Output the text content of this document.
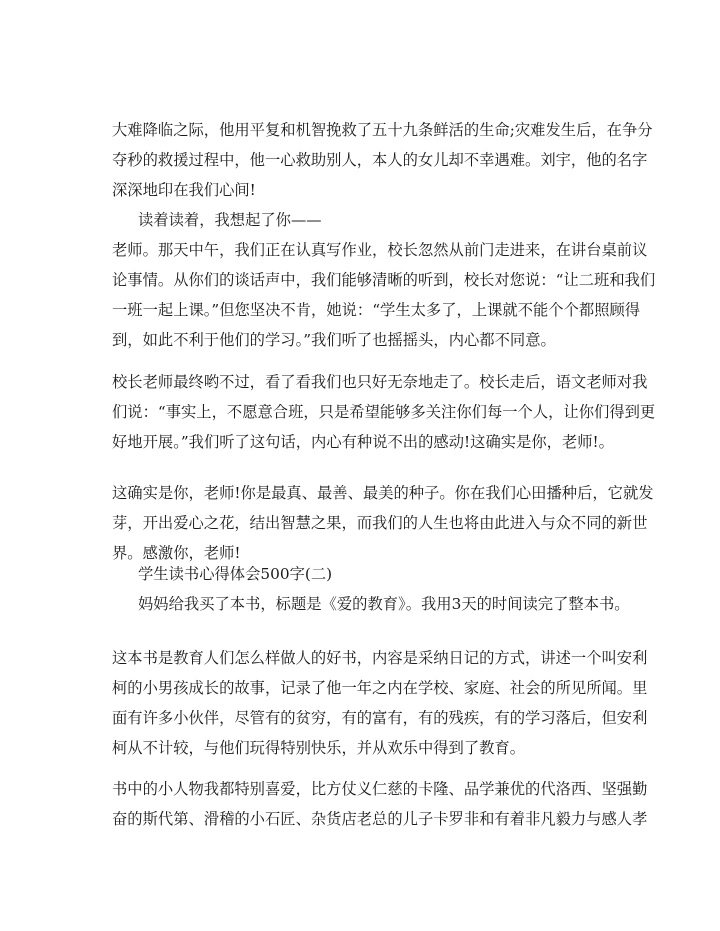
大难降临之际，他用平复和机智挽救了五十九条鲜活的生命;灾难发生后，在争分
夺秒的救援过程中，他一心救助别人，本人的女儿却不幸遇难。刘宇，他的名字
深深地印在我们心间!
读着读着，我想起了你——
老师。那天中午，我们正在认真写作业，校长忽然从前门走进来，在讲台桌前议
论事情。从你们的谈话声中，我们能够清晰的听到，校长对您说：“让二班和我们
一班一起上课。”但您坚决不肯，她说：“学生太多了，上课就不能个个都照顾得
到，如此不利于他们的学习。”我们听了也摇摇头，内心都不同意。
校长老师最终哟不过，看了看我们也只好无奈地走了。校长走后，语文老师对我
们说：“事实上，不愿意合班，只是希望能够多关注你们每一个人，让你们得到更
好地开展。”我们听了这句话，内心有种说不出的感动!这确实是你，老师!。
这确实是你，老师!你是最真、最善、最美的种子。你在我们心田播种后，它就发
芽，开出爱心之花，结出智慧之果，而我们的人生也将由此进入与众不同的新世
界。感激你，老师!
学生读书心得体会500字(二)
妈妈给我买了本书，标题是《爱的教育》。我用3天的时间读完了整本书。
这本书是教育人们怎么样做人的好书，内容是采纳日记的方式，讲述一个叫安利
柯的小男孩成长的故事，记录了他一年之内在学校、家庭、社会的所见所闻。里
面有许多小伙伴，尽管有的贫穷，有的富有，有的残疾，有的学习落后，但安利
柯从不计较，与他们玩得特别快乐，并从欢乐中得到了教育。
书中的小人物我都特别喜爱，比方仗义仁慈的卡隆、品学兼优的代洛西、坚强勤
奋的斯代第、滑稽的小石匠、杂货店老总的儿子卡罗非和有着非凡毅力与感人孝
